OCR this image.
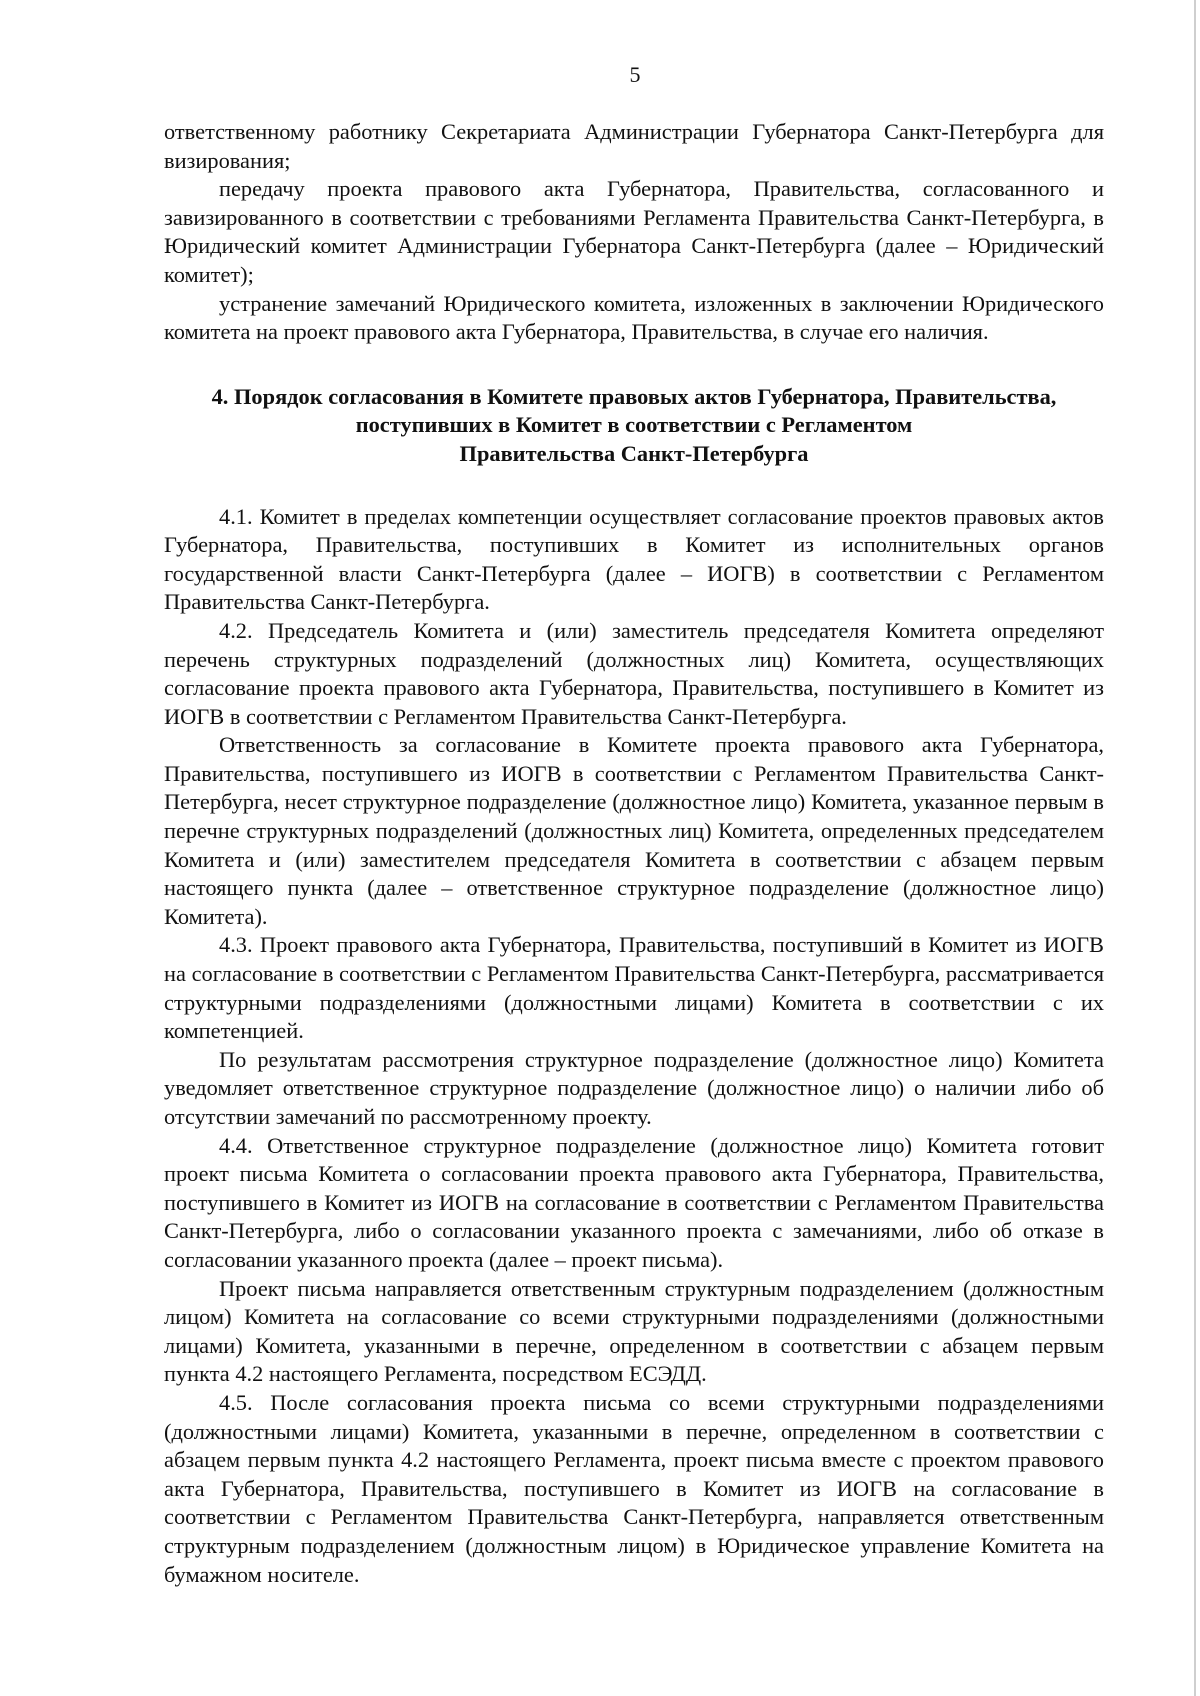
5

ответственному работнику Секретариата Администрации Губернатора Санкт-Петербурга для визирования;

передачу проекта правового акта Губернатора, Правительства, согласованного и завизированного в соответствии с требованиями Регламента Правительства Санкт-Петербурга, в Юридический комитет Администрации Губернатора Санкт-Петербурга (далее – Юридический комитет);

устранение замечаний Юридического комитета, изложенных в заключении Юридического комитета на проект правового акта Губернатора, Правительства, в случае его наличия.

4. Порядок согласования в Комитете правовых актов Губернатора, Правительства,
поступивших в Комитет в соответствии с Регламентом
Правительства Санкт-Петербурга

4.1. Комитет в пределах компетенции осуществляет согласование проектов правовых актов Губернатора, Правительства, поступивших в Комитет из исполнительных органов государственной власти Санкт-Петербурга (далее – ИОГВ) в соответствии с Регламентом Правительства Санкт-Петербурга.

4.2. Председатель Комитета и (или) заместитель председателя Комитета определяют перечень структурных подразделений (должностных лиц) Комитета, осуществляющих согласование проекта правового акта Губернатора, Правительства, поступившего в Комитет из ИОГВ в соответствии с Регламентом Правительства Санкт-Петербурга.

Ответственность за согласование в Комитете проекта правового акта Губернатора, Правительства, поступившего из ИОГВ в соответствии с Регламентом Правительства Санкт-Петербурга, несет структурное подразделение (должностное лицо) Комитета, указанное первым в перечне структурных подразделений (должностных лиц) Комитета, определенных председателем Комитета и (или) заместителем председателя Комитета в соответствии с абзацем первым настоящего пункта (далее – ответственное структурное подразделение (должностное лицо) Комитета).

4.3. Проект правового акта Губернатора, Правительства, поступивший в Комитет из ИОГВ на согласование в соответствии с Регламентом Правительства Санкт-Петербурга, рассматривается структурными подразделениями (должностными лицами) Комитета в соответствии с их компетенцией.

По результатам рассмотрения структурное подразделение (должностное лицо) Комитета уведомляет ответственное структурное подразделение (должностное лицо) о наличии либо об отсутствии замечаний по рассмотренному проекту.

4.4. Ответственное структурное подразделение (должностное лицо) Комитета готовит проект письма Комитета о согласовании проекта правового акта Губернатора, Правительства, поступившего в Комитет из ИОГВ на согласование в соответствии с Регламентом Правительства Санкт-Петербурга, либо о согласовании указанного проекта с замечаниями, либо об отказе в согласовании указанного проекта (далее – проект письма).

Проект письма направляется ответственным структурным подразделением (должностным лицом) Комитета на согласование со всеми структурными подразделениями (должностными лицами) Комитета, указанными в перечне, определенном в соответствии с абзацем первым пункта 4.2 настоящего Регламента, посредством ЕСЭДД.

4.5. После согласования проекта письма со всеми структурными подразделениями (должностными лицами) Комитета, указанными в перечне, определенном в соответствии с абзацем первым пункта 4.2 настоящего Регламента, проект письма вместе с проектом правового акта Губернатора, Правительства, поступившего в Комитет из ИОГВ на согласование в соответствии с Регламентом Правительства Санкт-Петербурга, направляется ответственным структурным подразделением (должностным лицом) в Юридическое управление Комитета на бумажном носителе.
